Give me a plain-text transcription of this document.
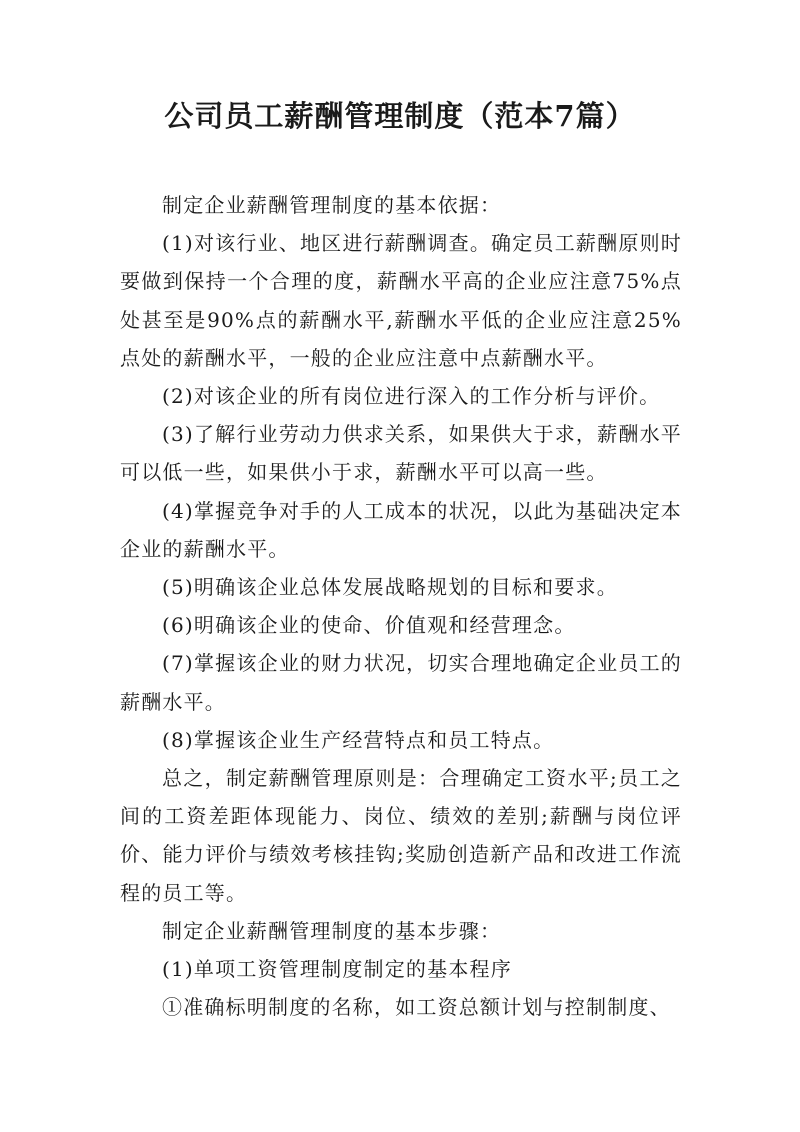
公司员工薪酬管理制度（范本7篇）

制定企业薪酬管理制度的基本依据：

(1)对该行业、地区进行薪酬调查。确定员工薪酬原则时要做到保持一个合理的度，薪酬水平高的企业应注意75%点处甚至是90%点的薪酬水平,薪酬水平低的企业应注意25%点处的薪酬水平，一般的企业应注意中点薪酬水平。

(2)对该企业的所有岗位进行深入的工作分析与评价。

(3)了解行业劳动力供求关系，如果供大于求，薪酬水平可以低一些，如果供小于求，薪酬水平可以高一些。

(4)掌握竞争对手的人工成本的状况，以此为基础决定本企业的薪酬水平。

(5)明确该企业总体发展战略规划的目标和要求。

(6)明确该企业的使命、价值观和经营理念。

(7)掌握该企业的财力状况，切实合理地确定企业员工的薪酬水平。

(8)掌握该企业生产经营特点和员工特点。

总之，制定薪酬管理原则是：合理确定工资水平;员工之间的工资差距体现能力、岗位、绩效的差别;薪酬与岗位评价、能力评价与绩效考核挂钩;奖励创造新产品和改进工作流程的员工等。

制定企业薪酬管理制度的基本步骤：

(1)单项工资管理制度制定的基本程序

①准确标明制度的名称，如工资总额计划与控制制度、
